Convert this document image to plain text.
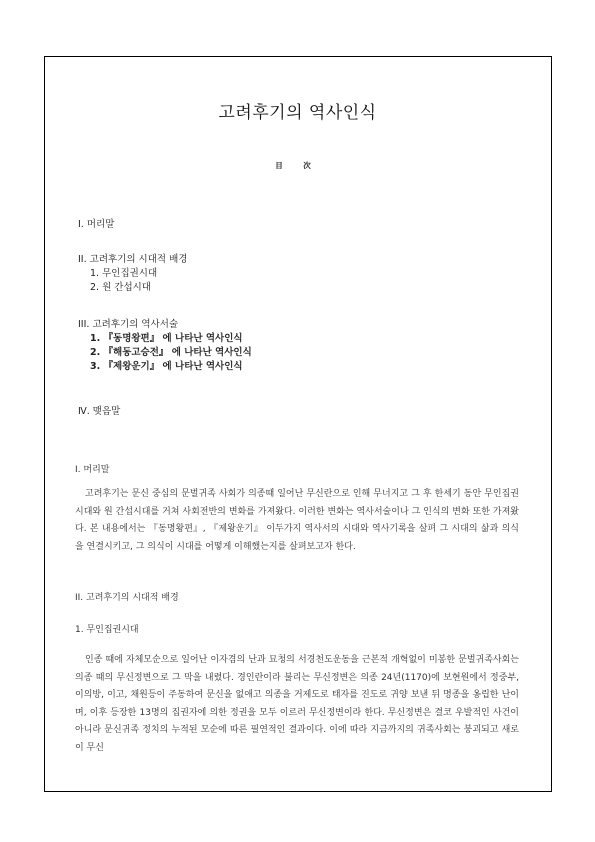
고려후기의 역사인식
目 次
I. 머리말
II. 고려후기의 시대적 배경
1. 무인집권시대
2. 원 간섭시대
III. 고려후기의 역사서술
1. 『동명왕편』 에 나타난 역사인식
2. 『해동고승전』 에 나타난 역사인식
3. 『제왕운기』 에 나타난 역사인식
Ⅳ. 맺음말
I. 머리말
고려후기는 문신 중심의 문벌귀족 사회가 의종때 일어난 무신란으로 인해 무너지고 그 후 한세기 동안 무인집권시대와 원 간섭시대를 거쳐 사회전반의 변화를 가져왔다. 이러한 변화는 역사서술이나 그 인식의 변화 또한 가져왔다. 본 내용에서는 『동명왕편』, 『제왕운기』 이두가지 역사서의 시대와 역사기록을 살펴 그 시대의 삶과 의식을 연결시키고, 그 의식이 시대를 어떻게 이해했는지를 살펴보고자 한다.
II. 고려후기의 시대적 배경
1. 무인집권시대
인종 때에 자체모순으로 일어난 이자겸의 난과 묘청의 서경천도운동을 근본적 개혁없이 미봉한 문벌귀족사회는 의종 때의 무신정변으로 그 막을 내렸다. 경인란이라 불리는 무신정변은 의종 24년(1170)에 보현원에서 정중부, 이의방, 이고, 채원등이 주동하여 문신을 없애고 의종을 거제도로 태자를 진도로 귀양 보낸 뒤 명종을 옹립한 난이며, 이후 등장한 13명의 집권자에 의한 정권을 모두 이르러 무신정변이라 한다. 무신정변은 결코 우발적인 사건이 아니라 문신귀족 정치의 누적된 모순에 따른 필연적인 결과이다. 이에 따라 지금까지의 귀족사회는 붕괴되고 새로이 무신
